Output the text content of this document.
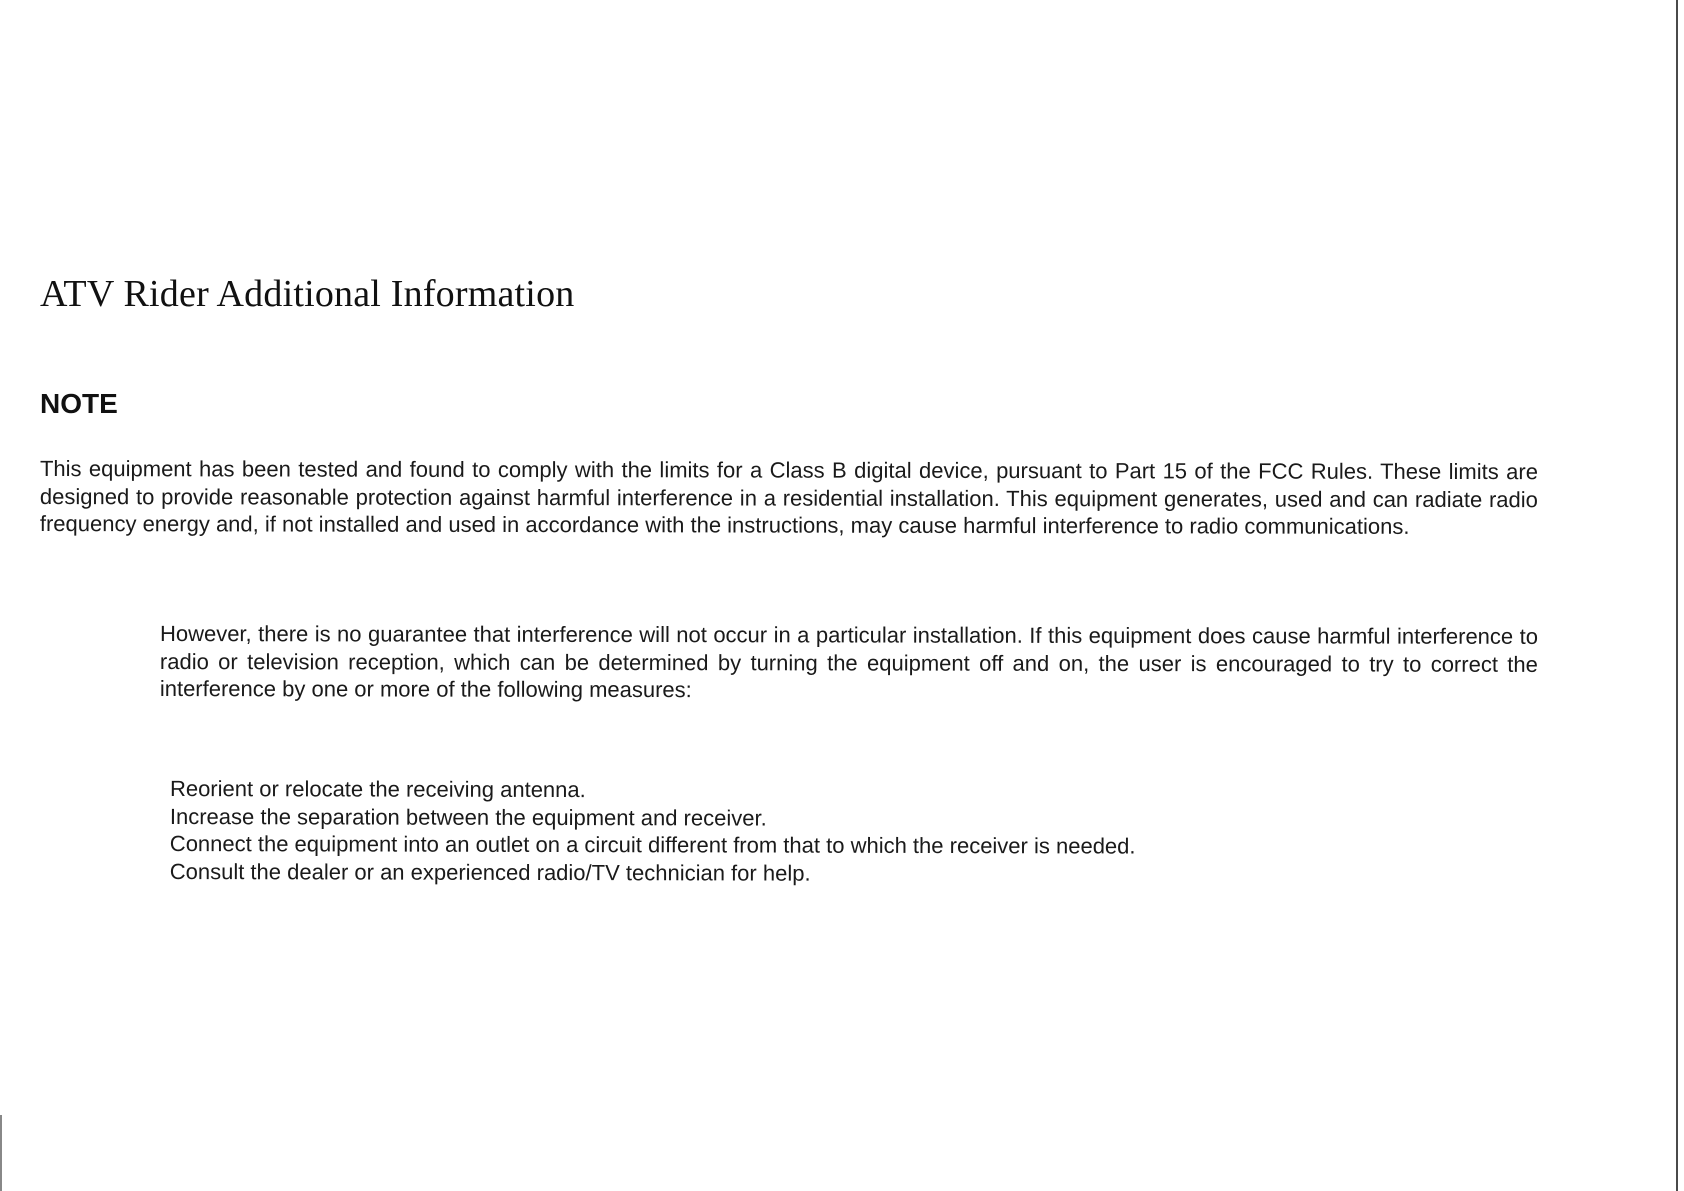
ATV Rider Additional Information
NOTE

This equipment has been tested and found to comply with the limits for a Class B digital device, pursuant to Part 15 of the FCC Rules. These limits are designed to provide reasonable protection against harmful interference in a residential installation. This equipment generates, used and can radiate radio frequency energy and, if not installed and used in accordance with the instructions, may cause harmful interference to radio communications.

However, there is no guarantee that interference will not occur in a particular installation. If this equipment does cause harmful interference to radio or television reception, which can be determined by turning the equipment off and on, the user is encouraged to try to correct the interference by one or more of the following measures:

Reorient or relocate the receiving antenna.
Increase the separation between the equipment and receiver.
Connect the equipment into an outlet on a circuit different from that to which the receiver is needed.
Consult the dealer or an experienced radio/TV technician for help.
